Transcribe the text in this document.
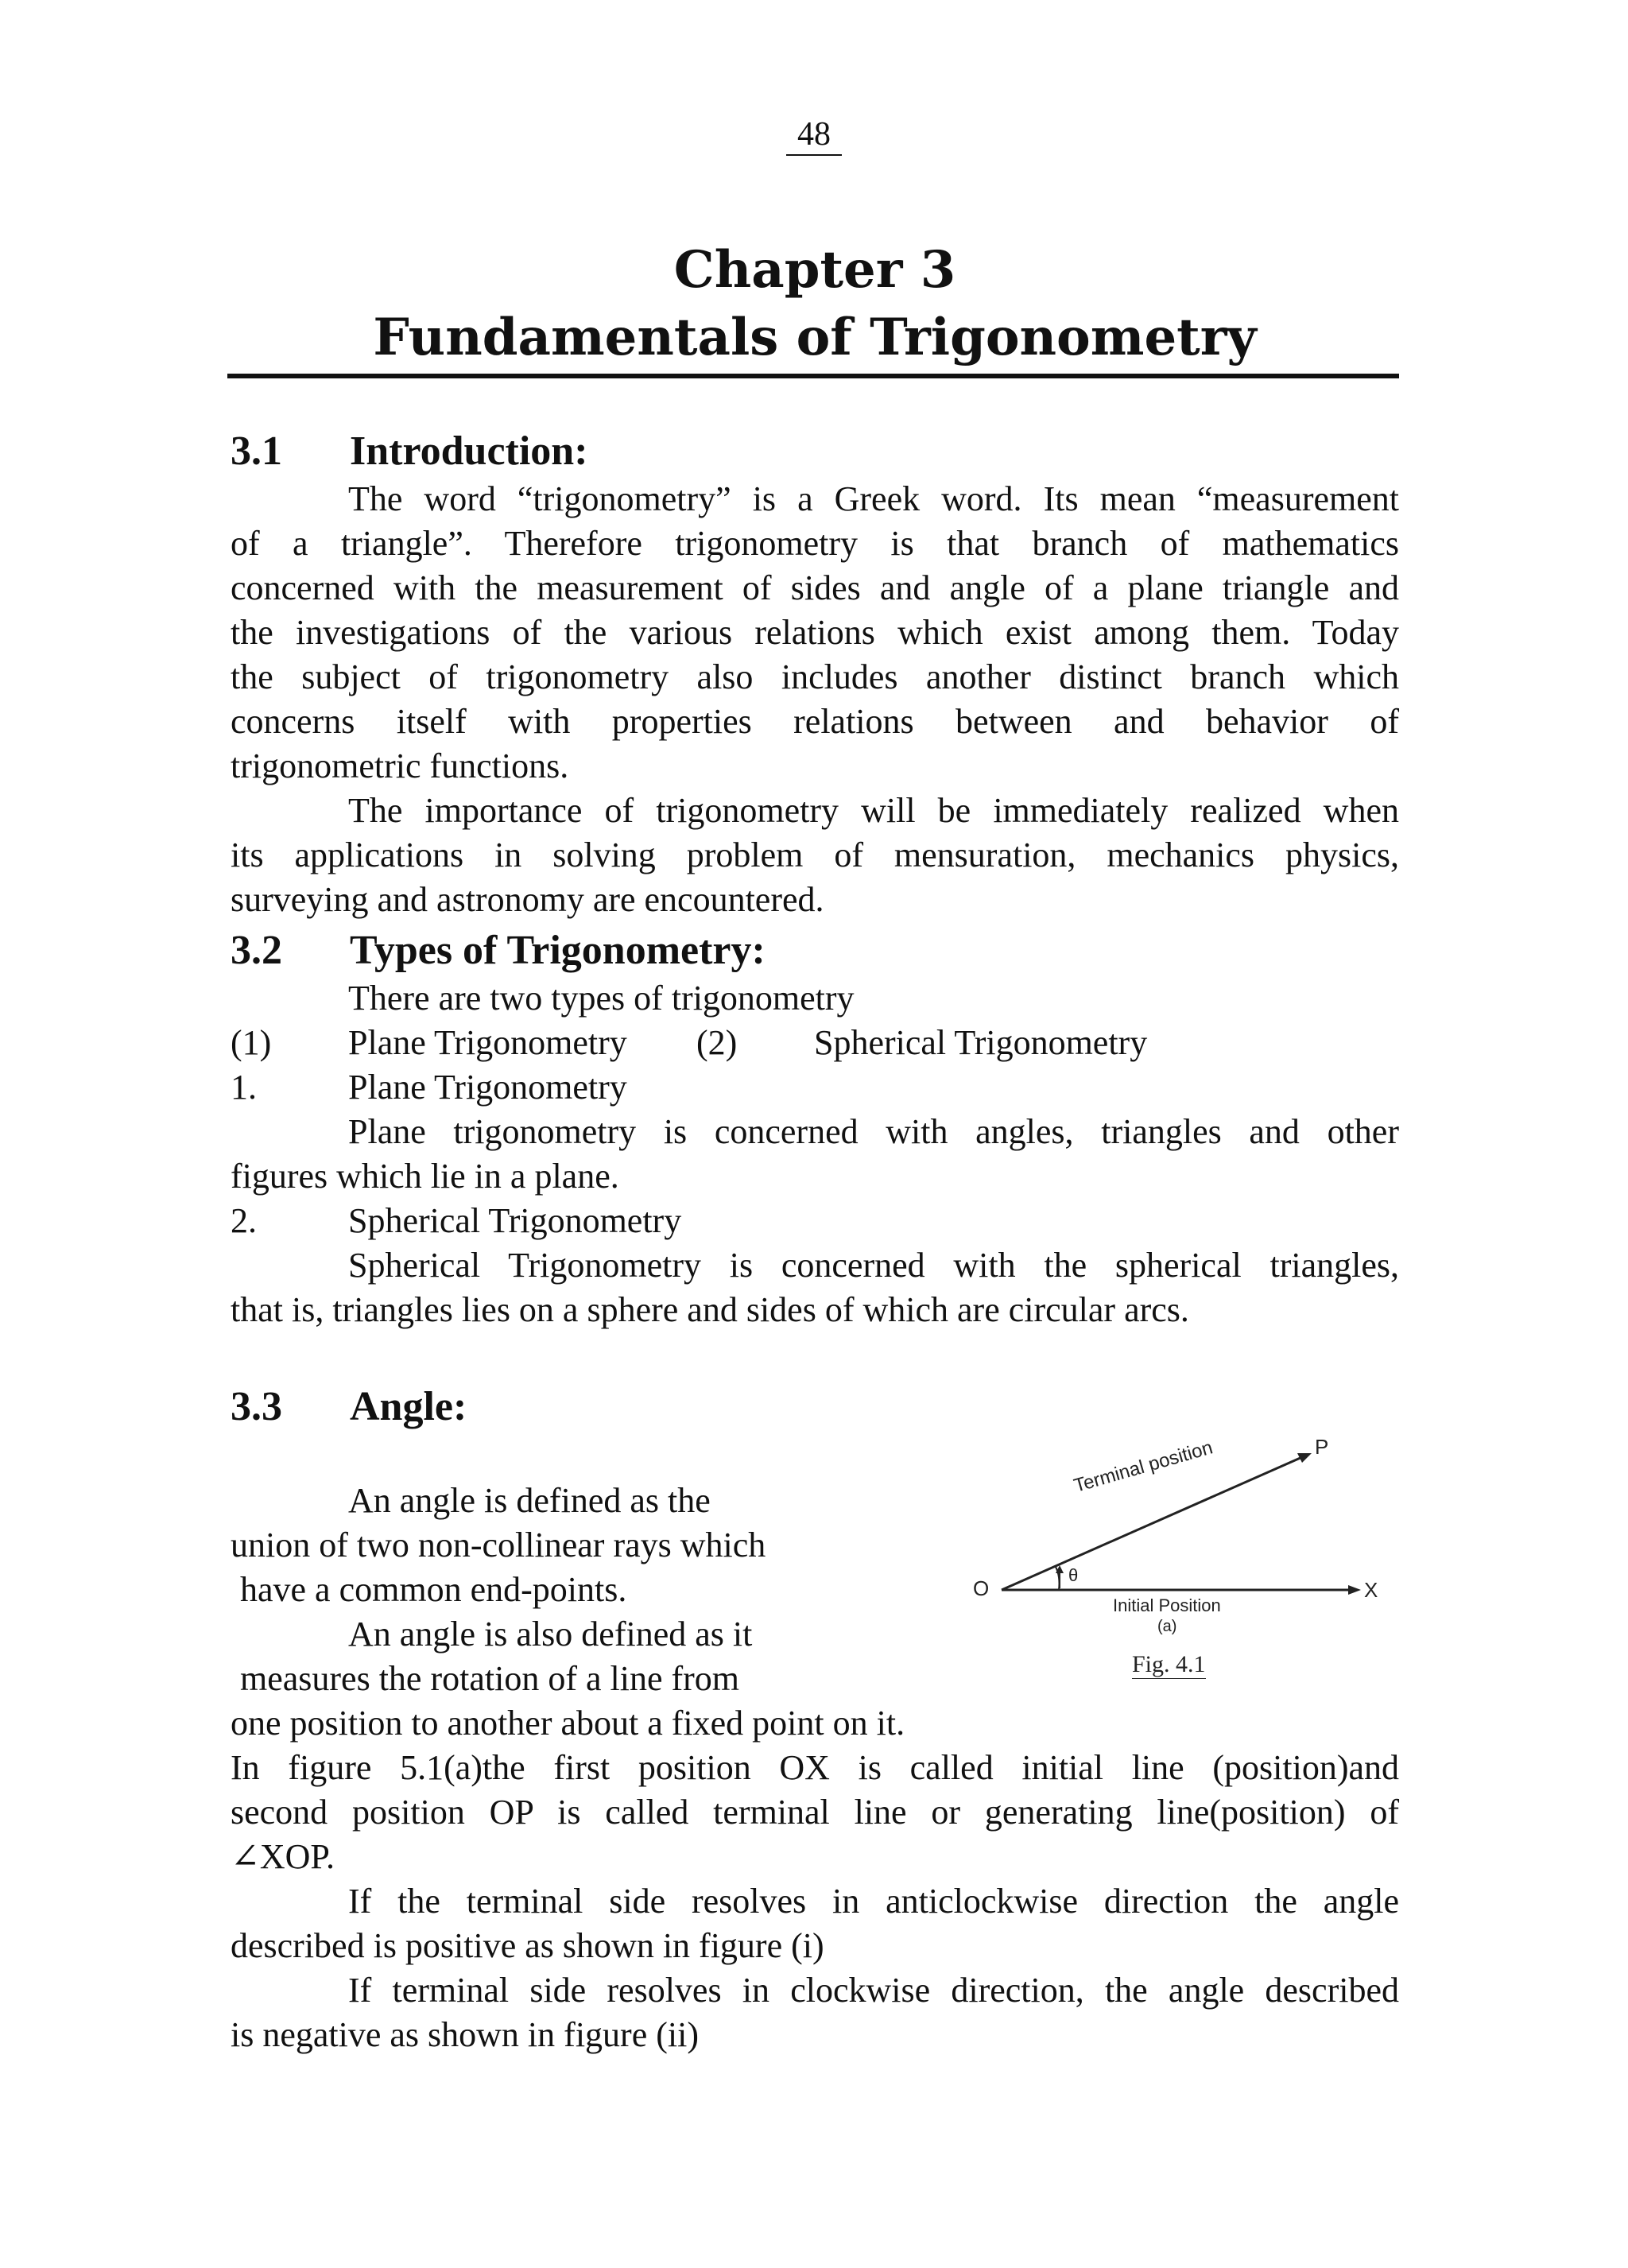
48
Chapter 3
Fundamentals of Trigonometry
3.1 Introduction:
The word “trigonometry” is a Greek word. Its mean “measurement
of a triangle”. Therefore trigonometry is that branch of mathematics
concerned with the measurement of sides and angle of a plane triangle and
the investigations of the various relations which exist among them. Today
the subject of trigonometry also includes another distinct branch which
concerns itself with properties relations between and behavior of
trigonometric functions.
The importance of trigonometry will be immediately realized when
its applications in solving problem of mensuration, mechanics physics,
surveying and astronomy are encountered.
3.2 Types of Trigonometry:
There are two types of trigonometry
(1) Plane Trigonometry (2) Spherical Trigonometry
1.	Plane Trigonometry
Plane trigonometry is concerned with angles, triangles and other
figures which lie in a plane.
2.	Spherical Trigonometry
Spherical Trigonometry is concerned with the spherical triangles,
that is, triangles lies on a sphere and sides of which are circular arcs.
3.3 Angle:
An angle is defined as the
union of two non-collinear rays which
have a common end-points.
An angle is also defined as it
measures the rotation of a line from
one position to another about a fixed point on it.
In figure 5.1(a)the first position OX is called initial line (position)and
second position OP is called terminal line or generating line(position) of
∠XOP.
If the terminal side resolves in anticlockwise direction the angle
described is positive as shown in figure (i)
If terminal side resolves in clockwise direction, the angle described
is negative as shown in figure (ii)
Terminal position	P
O	X
θ
Initial Position
(a)
Fig. 4.1
